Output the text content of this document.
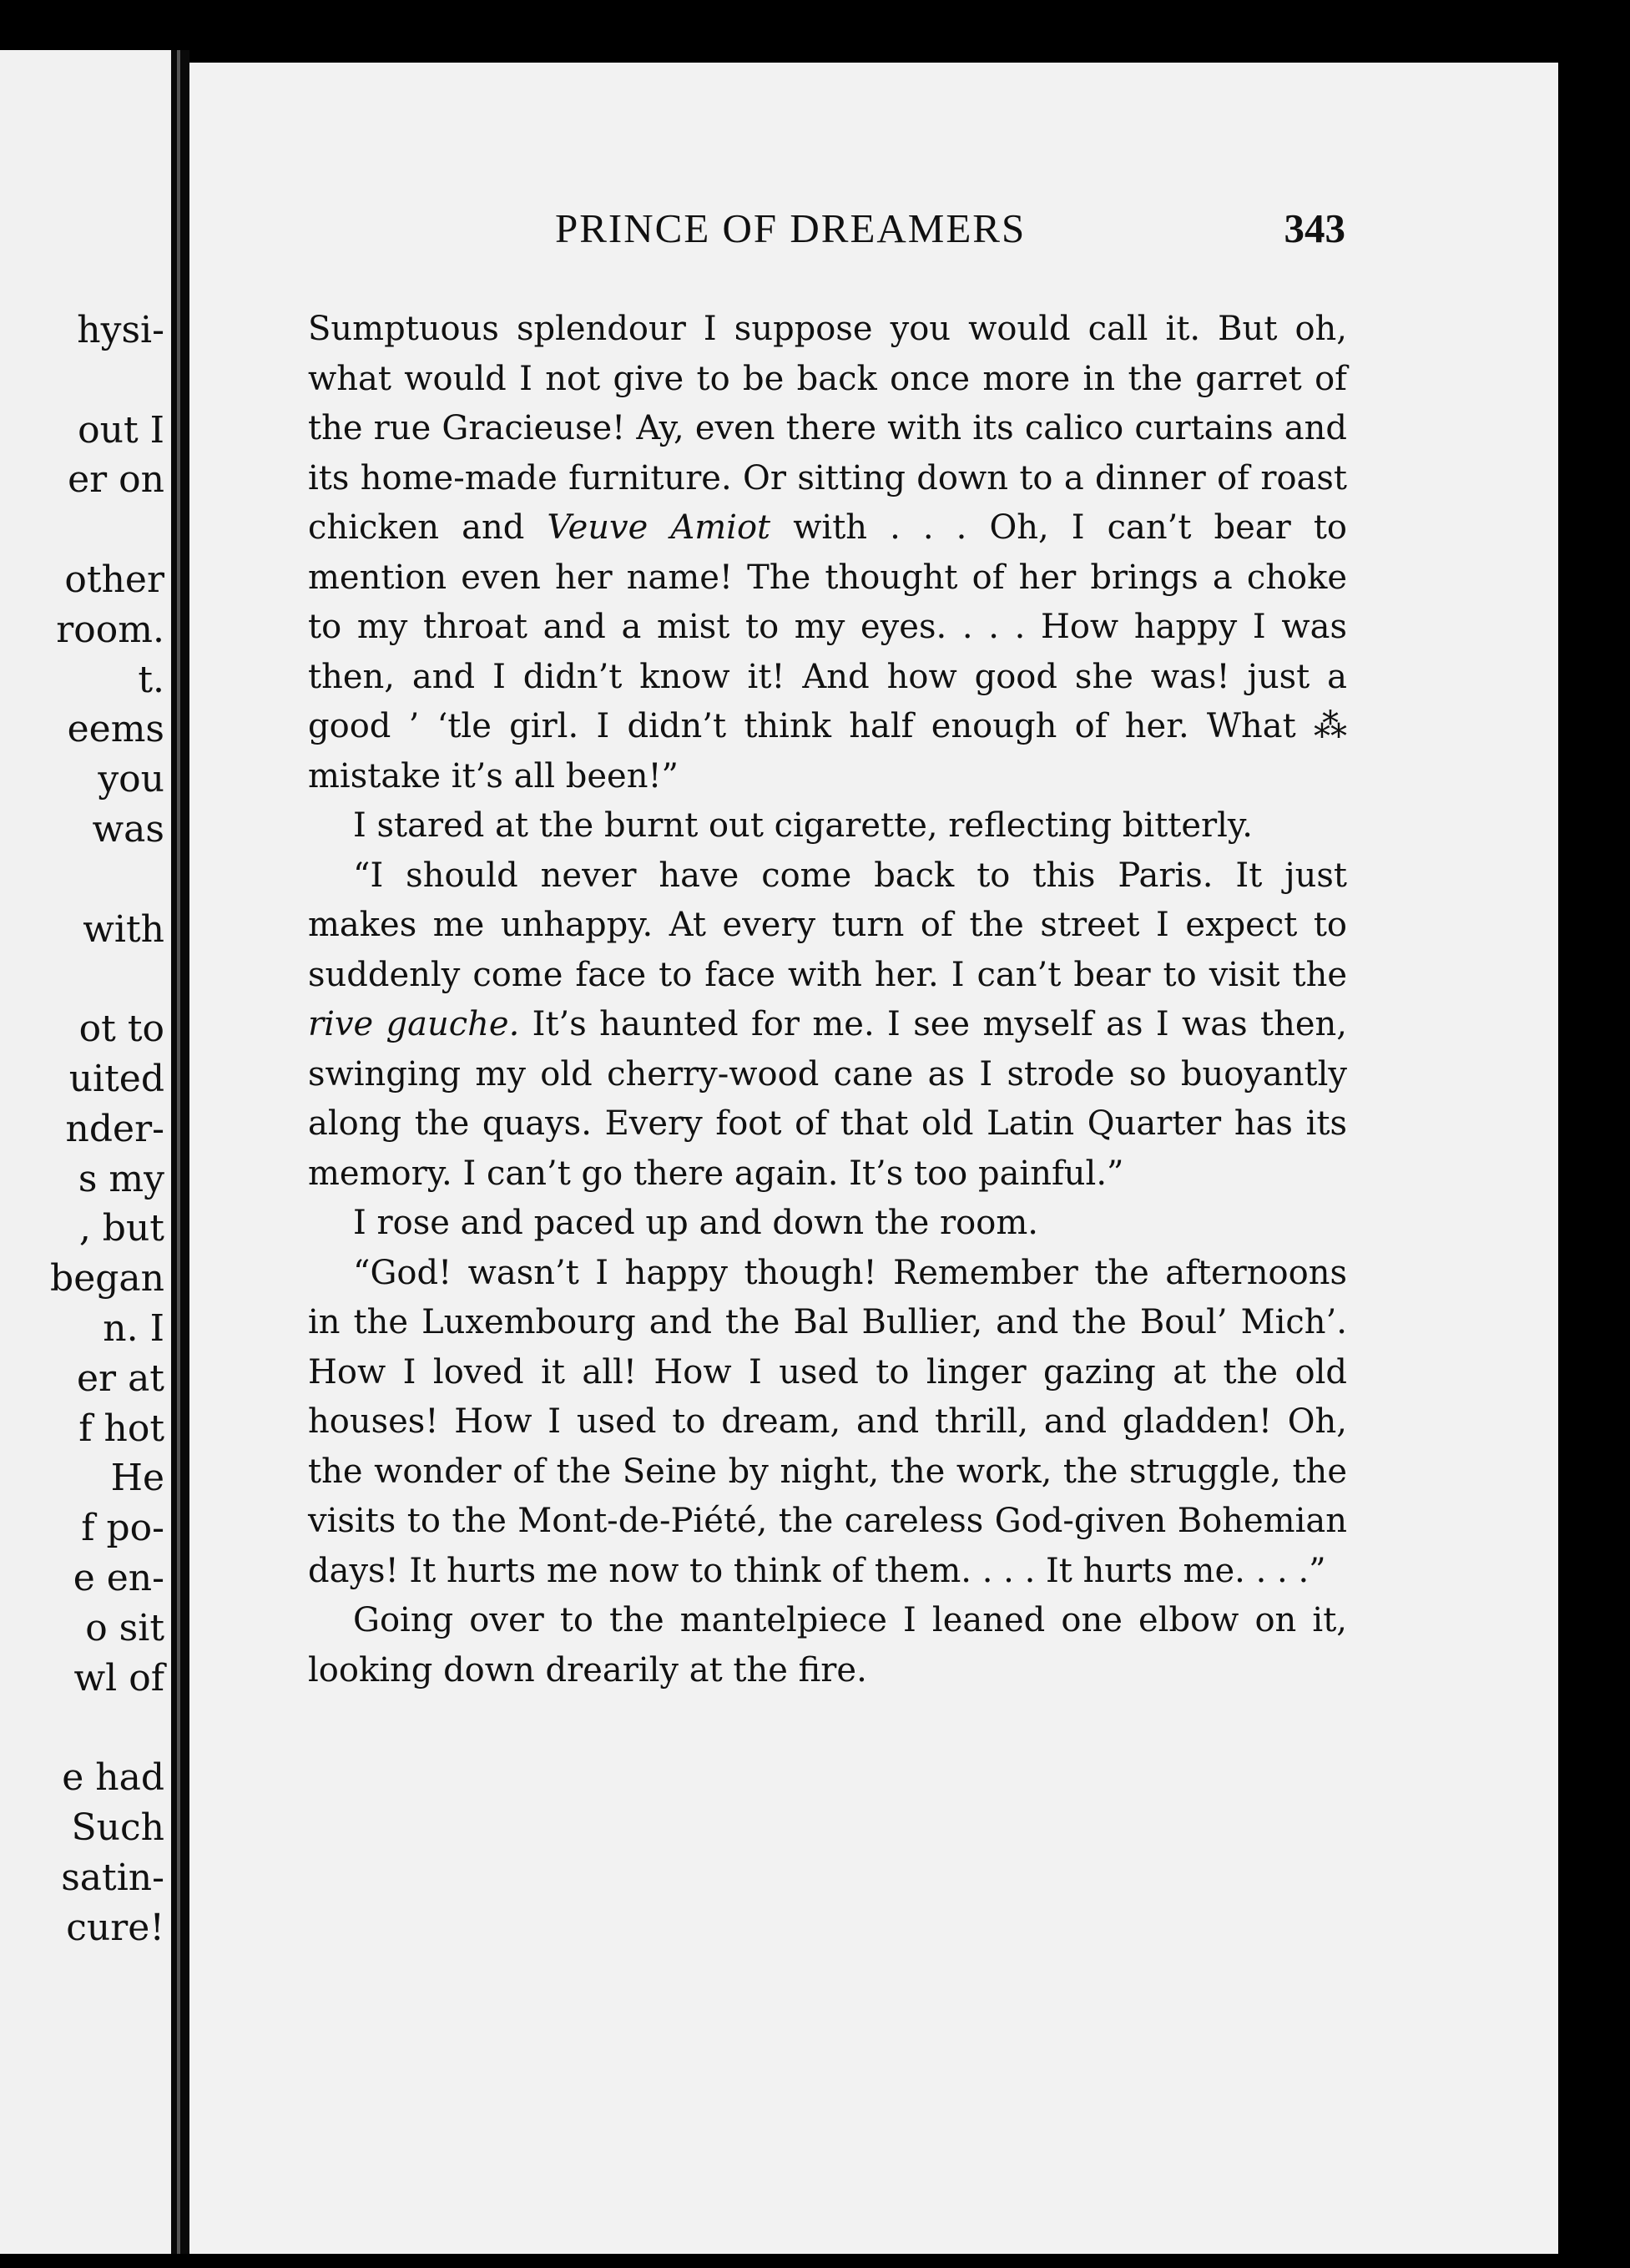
hysi-
out I
er on
other
room.
t.
eems
you
was
with
ot to
uited
nder-
s my
, but
began
n. I
er at
f hot
He
f po-
e en-
o sit
wl of
e had
Such
satin-
cure!
PRINCE OF DREAMERS	343

Sumptuous splendour I suppose you would call it. But oh, what would I not give to be back once more in the garret of the rue Gracieuse! Ay, even there with its calico curtains and its home-made furniture. Or sitting down to a dinner of roast chicken and Veuve Amiot with . . . Oh, I can’t bear to mention even her name! The thought of her brings a choke to my throat and a mist to my eyes. . . . How happy I was then, and I didn’t know it! And how good she was! just a good ’ ‘tle girl. I didn’t think half enough of her. What ⁂ mistake it’s all been!”

I stared at the burnt out cigarette, reflecting bitterly.

“I should never have come back to this Paris. It just makes me unhappy. At every turn of the street I expect to suddenly come face to face with her. I can’t bear to visit the rive gauche. It’s haunted for me. I see myself as I was then, swinging my old cherry-wood cane as I strode so buoyantly along the quays. Every foot of that old Latin Quarter has its memory. I can’t go there again. It’s too painful.”

I rose and paced up and down the room.

“God! wasn’t I happy though! Remember the afternoons in the Luxembourg and the Bal Bullier, and the Boul’ Mich’. How I loved it all! How I used to linger gazing at the old houses! How I used to dream, and thrill, and gladden! Oh, the wonder of the Seine by night, the work, the struggle, the visits to the Mont-de-Piété, the careless God-given Bohemian days! It hurts me now to think of them. . . . It hurts me. . . .”

Going over to the mantelpiece I leaned one elbow on it, looking down drearily at the fire.
